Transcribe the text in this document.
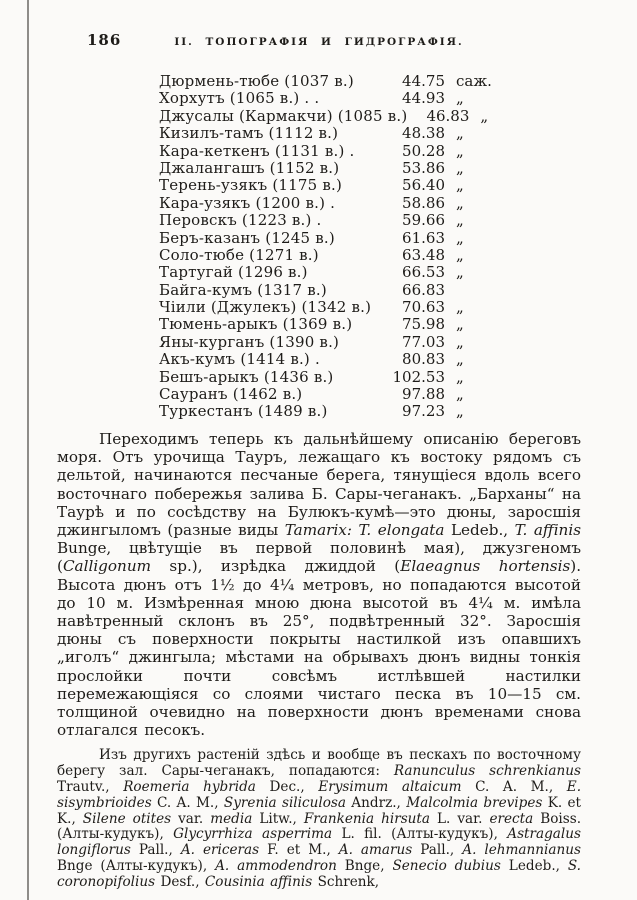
186	II. ТОПОГРАФІЯ И ГИДРОГРАФІЯ.
Дюрмень-тюбе (1037 в.)	44.75 саж.
Хорхутъ (1065 в.) . .	44.93 „
Джусалы (Кармакчи) (1085 в.)	46.83 „
Кизилъ-тамъ (1112 в.)	48.38 „
Кара-кеткенъ (1131 в.) .	50.28 „
Джалангашъ (1152 в.)	53.86 „
Терень-узякъ (1175 в.)	56.40 „
Кара-узякъ (1200 в.) .	58.86 „
Перовскъ (1223 в.) .	59.66 „
Беръ-казанъ (1245 в.)	61.63 „
Соло-тюбе (1271 в.)	63.48 „
Тартугай (1296 в.)	66.53 „
Байга-кумъ (1317 в.)	66.83
Чіили (Джулекъ) (1342 в.)	70.63 „
Тюмень-арыкъ (1369 в.)	75.98 „
Яны-курганъ (1390 в.)	77.03 „
Акъ-кумъ (1414 в.) .	80.83 „
Бешъ-арыкъ (1436 в.)	102.53 „
Сауранъ (1462 в.)	97.88 „
Туркестанъ (1489 в.)	97.23 „

Переходимъ теперь къ дальнѣйшему описанію береговъ моря. Отъ урочища Тауръ, лежащаго къ востоку рядомъ съ дельтой, начинаются песчаные берега, тянущіеся вдоль всего восточнаго побережья залива Б. Сары-чеганакъ. „Барханы“ на Таурѣ и по сосѣдству на Булюкъ-кумѣ—это дюны, заросшія джингыломъ (разные виды Tamarix: T. elongata Ledeb., T. affinis Bunge, цвѣтущіе въ первой половинѣ мая), джузгеномъ (Calligonum sp.), изрѣдка джиддой (Elaeagnus hortensis). Высота дюнъ отъ 1½ до 4¼ метровъ, но попадаются высотой до 10 м. Измѣренная мною дюна высотой въ 4¼ м. имѣла навѣтренный склонъ въ 25°, подвѣтренный 32°. Заросшія дюны съ поверхности покрыты настилкой изъ опавшихъ „иголъ“ джингыла; мѣстами на обрывахъ дюнъ видны тонкія прослойки почти совсѣмъ истлѣвшей настилки перемежающіяся со слоями чистаго песка въ 10—15 см. толщиной очевидно на поверхности дюнъ временами снова отлагался песокъ.

Изъ другихъ растеній здѣсь и вообще въ пескахъ по восточному берегу зал. Сары-чеганакъ, попадаются: Ranunculus schrenkianus Trautv., Roemeria hybrida Dec., Erysimum altaicum C. A. M., E. sisymbrioides C. A. M., Syrenia siliculosa Andrz., Malcolmia brevipes K. et K., Silene otites var. media Litw., Frankenia hirsuta L. var. erecta Boiss. (Алты-кудукъ), Glycyrrhiza asperrima L. fil. (Алты-кудукъ), Astragalus longiflorus Pall., A. ericeras F. et M., A. amarus Pall., A. lehmannianus Bnge (Алты-кудукъ), A. ammodendron Bnge, Senecio dubius Ledeb., S. coronopifolius Desf., Cousinia affinis Schrenk,
